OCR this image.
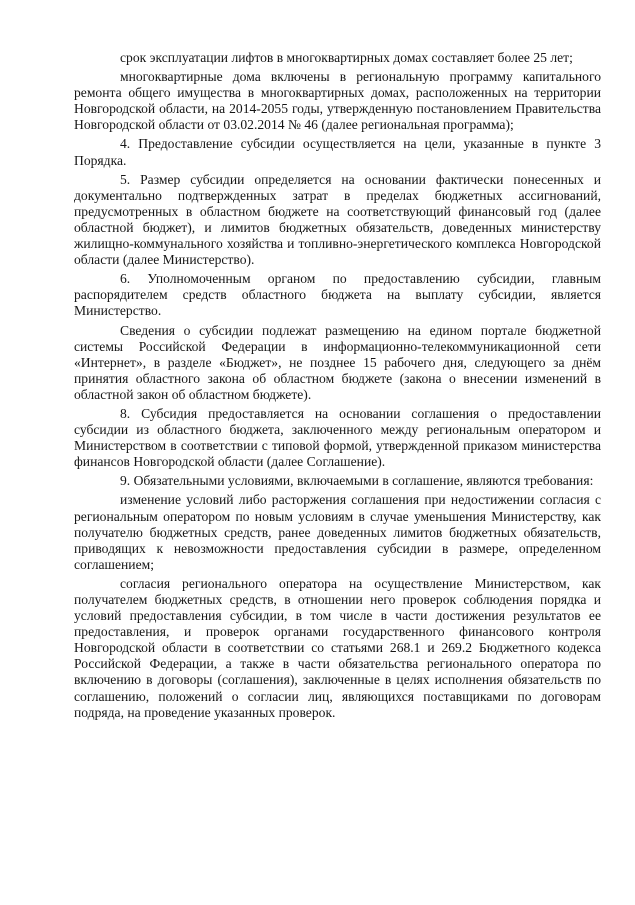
срок эксплуатации лифтов в многоквартирных домах составляет более 25 лет;

многоквартирные дома включены в региональную программу капитального ремонта общего имущества в многоквартирных домах, расположенных на территории Новгородской области, на 2014-2055 годы, утвержденную постановлением Правительства Новгородской области от 03.02.2014 № 46 (далее региональная программа);

4. Предоставление субсидии осуществляется на цели, указанные в пункте 3 Порядка.

5. Размер субсидии определяется на основании фактически понесенных и документально подтвержденных затрат в пределах бюджетных ассигнований, предусмотренных в областном бюджете на соответствующий финансовый год (далее областной бюджет), и лимитов бюджетных обязательств, доведенных министерству жилищно-коммунального хозяйства и топливно-энергетического комплекса Новгородской области (далее Министерство).

6. Уполномоченным органом по предоставлению субсидии, главным распорядителем средств областного бюджета на выплату субсидии, является Министерство.

Сведения о субсидии подлежат размещению на едином портале бюджетной системы Российской Федерации в информационно-телекоммуникационной сети «Интернет», в разделе «Бюджет», не позднее 15 рабочего дня, следующего за днём принятия областного закона об областном бюджете (закона о внесении изменений в областной закон об областном бюджете).

8. Субсидия предоставляется на основании соглашения о предоставлении субсидии из областного бюджета, заключенного между региональным оператором и Министерством в соответствии с типовой формой, утвержденной приказом министерства финансов Новгородской области (далее Соглашение).

9. Обязательными условиями, включаемыми в соглашение, являются требования:

изменение условий либо расторжения соглашения при недостижении согласия с региональным оператором по новым условиям в случае уменьшения Министерству, как получателю бюджетных средств, ранее доведенных лимитов бюджетных обязательств, приводящих к невозможности предоставления субсидии в размере, определенном соглашением;

согласия регионального оператора на осуществление Министерством, как получателем бюджетных средств, в отношении него проверок соблюдения порядка и условий предоставления субсидии, в том числе в части достижения результатов ее предоставления, и проверок органами государственного финансового контроля Новгородской области в соответствии со статьями 268.1 и 269.2 Бюджетного кодекса Российской Федерации, а также в части обязательства регионального оператора по включению в договоры (соглашения), заключенные в целях исполнения обязательств по соглашению, положений о согласии лиц, являющихся поставщиками по договорам подряда, на проведение указанных проверок.
